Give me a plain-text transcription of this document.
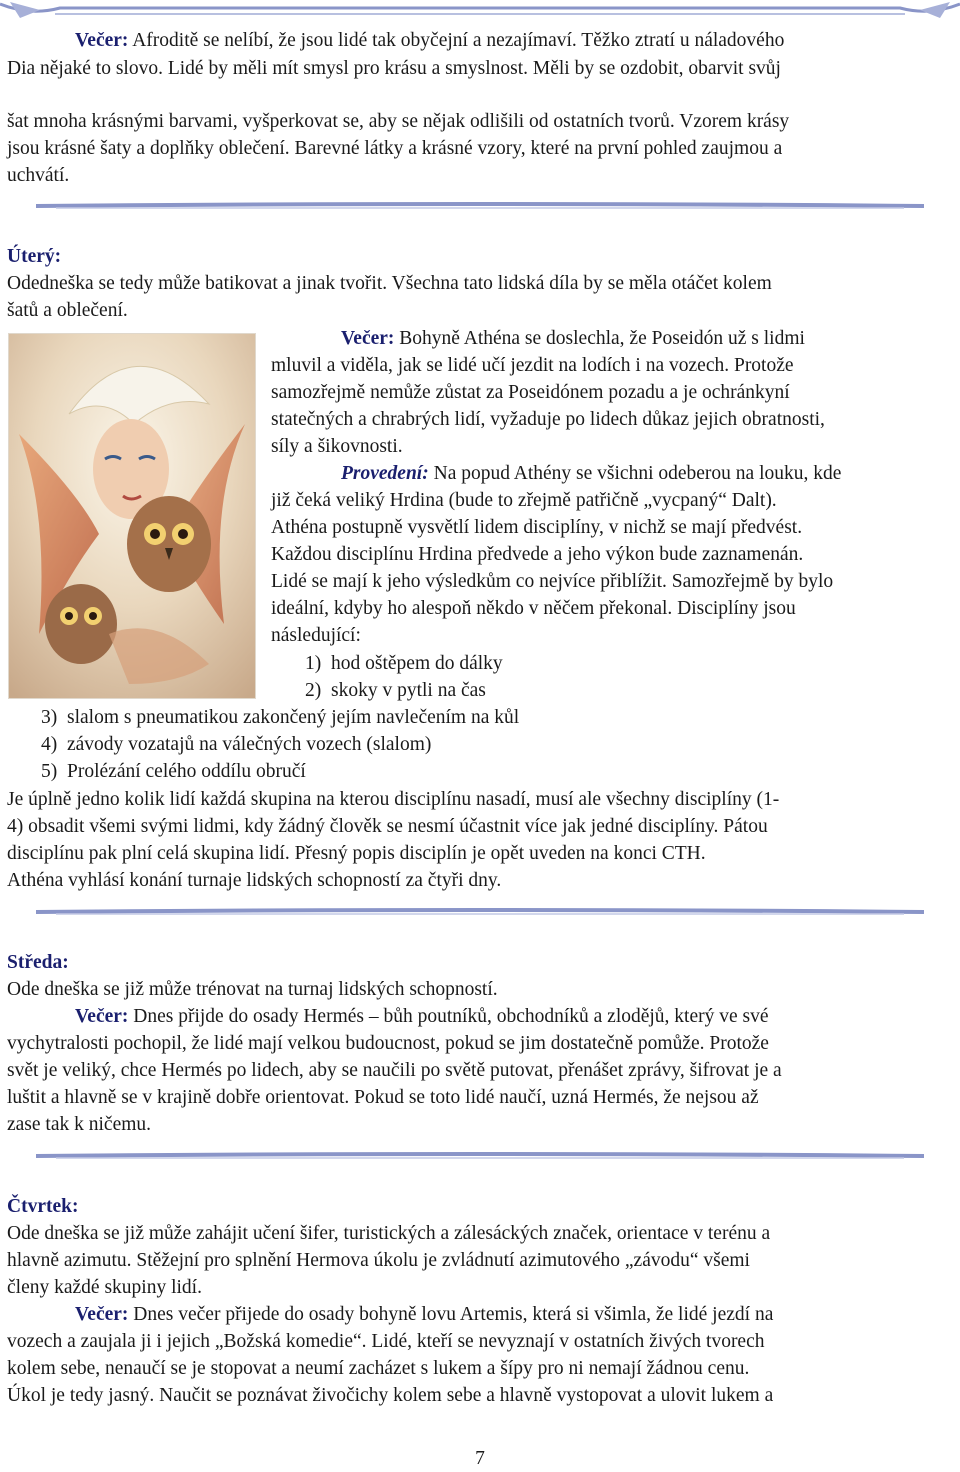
Večer: Afroditě se nelíbí, že jsou lidé tak obyčejní a nezajímaví. Těžko ztratí u náladového
Dia nějaké to slovo. Lidé by měli mít smysl pro krásu a smyslnost. Měli by se ozdobit, obarvit svůj
šat mnoha krásnými barvami, vyšperkovat se, aby se nějak odlišili od ostatních tvorů. Vzorem krásy
jsou krásné šaty a doplňky oblečení. Barevné látky a krásné vzory, které na první pohled zaujmou a
uchvátí.
Úterý:
Odedneška se tedy může batikovat a jinak tvořit. Všechna tato lidská díla by se měla otáčet kolem
šatů a oblečení.
Večer: Bohyně Athéna se doslechla, že Poseidón už s lidmi
mluvil a viděla, jak se lidé učí jezdit na lodích i na vozech. Protože
samozřejmě nemůže zůstat za Poseidónem pozadu a je ochránkyní
statečných a chrabrých lidí, vyžaduje po lidech důkaz jejich obratnosti,
síly a šikovnosti.
Provedení: Na popud Athény se všichni odeberou na louku, kde
již čeká veliký Hrdina (bude to zřejmě patřičně „vycpaný“ Dalt).
Athéna postupně vysvětlí lidem disciplíny, v nichž se mají předvést.
Každou disciplínu Hrdina předvede a jeho výkon bude zaznamenán.
Lidé se mají k jeho výsledkům co nejvíce přiblížit. Samozřejmě by bylo
ideální, kdyby ho alespoň někdo v něčem překonal. Disciplíny jsou
následující:
1) hod oštěpem do dálky
2) skoky v pytli na čas
3) slalom s pneumatikou zakončený jejím navlečením na kůl
4) závody vozatajů na válečných vozech (slalom)
5) Prolézání celého oddílu obručí
Je úplně jedno kolik lidí každá skupina na kterou disciplínu nasadí, musí ale všechny disciplíny (1-
4) obsadit všemi svými lidmi, kdy žádný člověk se nesmí účastnit více jak jedné disciplíny. Pátou
disciplínu pak plní celá skupina lidí. Přesný popis disciplín je opět uveden na konci CTH.
Athéna vyhlásí konání turnaje lidských schopností za čtyři dny.
Středa:
Ode dneška se již může trénovat na turnaj lidských schopností.
Večer: Dnes přijde do osady Hermés – bůh poutníků, obchodníků a zlodějů, který ve své
vychytralosti pochopil, že lidé mají velkou budoucnost, pokud se jim dostatečně pomůže. Protože
svět je veliký, chce Hermés po lidech, aby se naučili po světě putovat, přenášet zprávy, šifrovat je a
luštit a hlavně se v krajině dobře orientovat. Pokud se toto lidé naučí, uzná Hermés, že nejsou až
zase tak k ničemu.
Čtvrtek:
Ode dneška se již může zahájit učení šifer, turistických a zálesáckých značek, orientace v terénu a
hlavně azimutu. Stěžejní pro splnění Hermova úkolu je zvládnutí azimutového „závodu“ všemi
členy každé skupiny lidí.
Večer: Dnes večer přijede do osady bohyně lovu Artemis, která si všimla, že lidé jezdí na
vozech a zaujala ji i jejich „Božská komedie“. Lidé, kteří se nevyznají v ostatních živých tvorech
kolem sebe, nenaučí se je stopovat a neumí zacházet s lukem a šípy pro ni nemají žádnou cenu.
Úkol je tedy jasný. Naučit se poznávat živočichy kolem sebe a hlavně vystopovat a ulovit lukem a
7
